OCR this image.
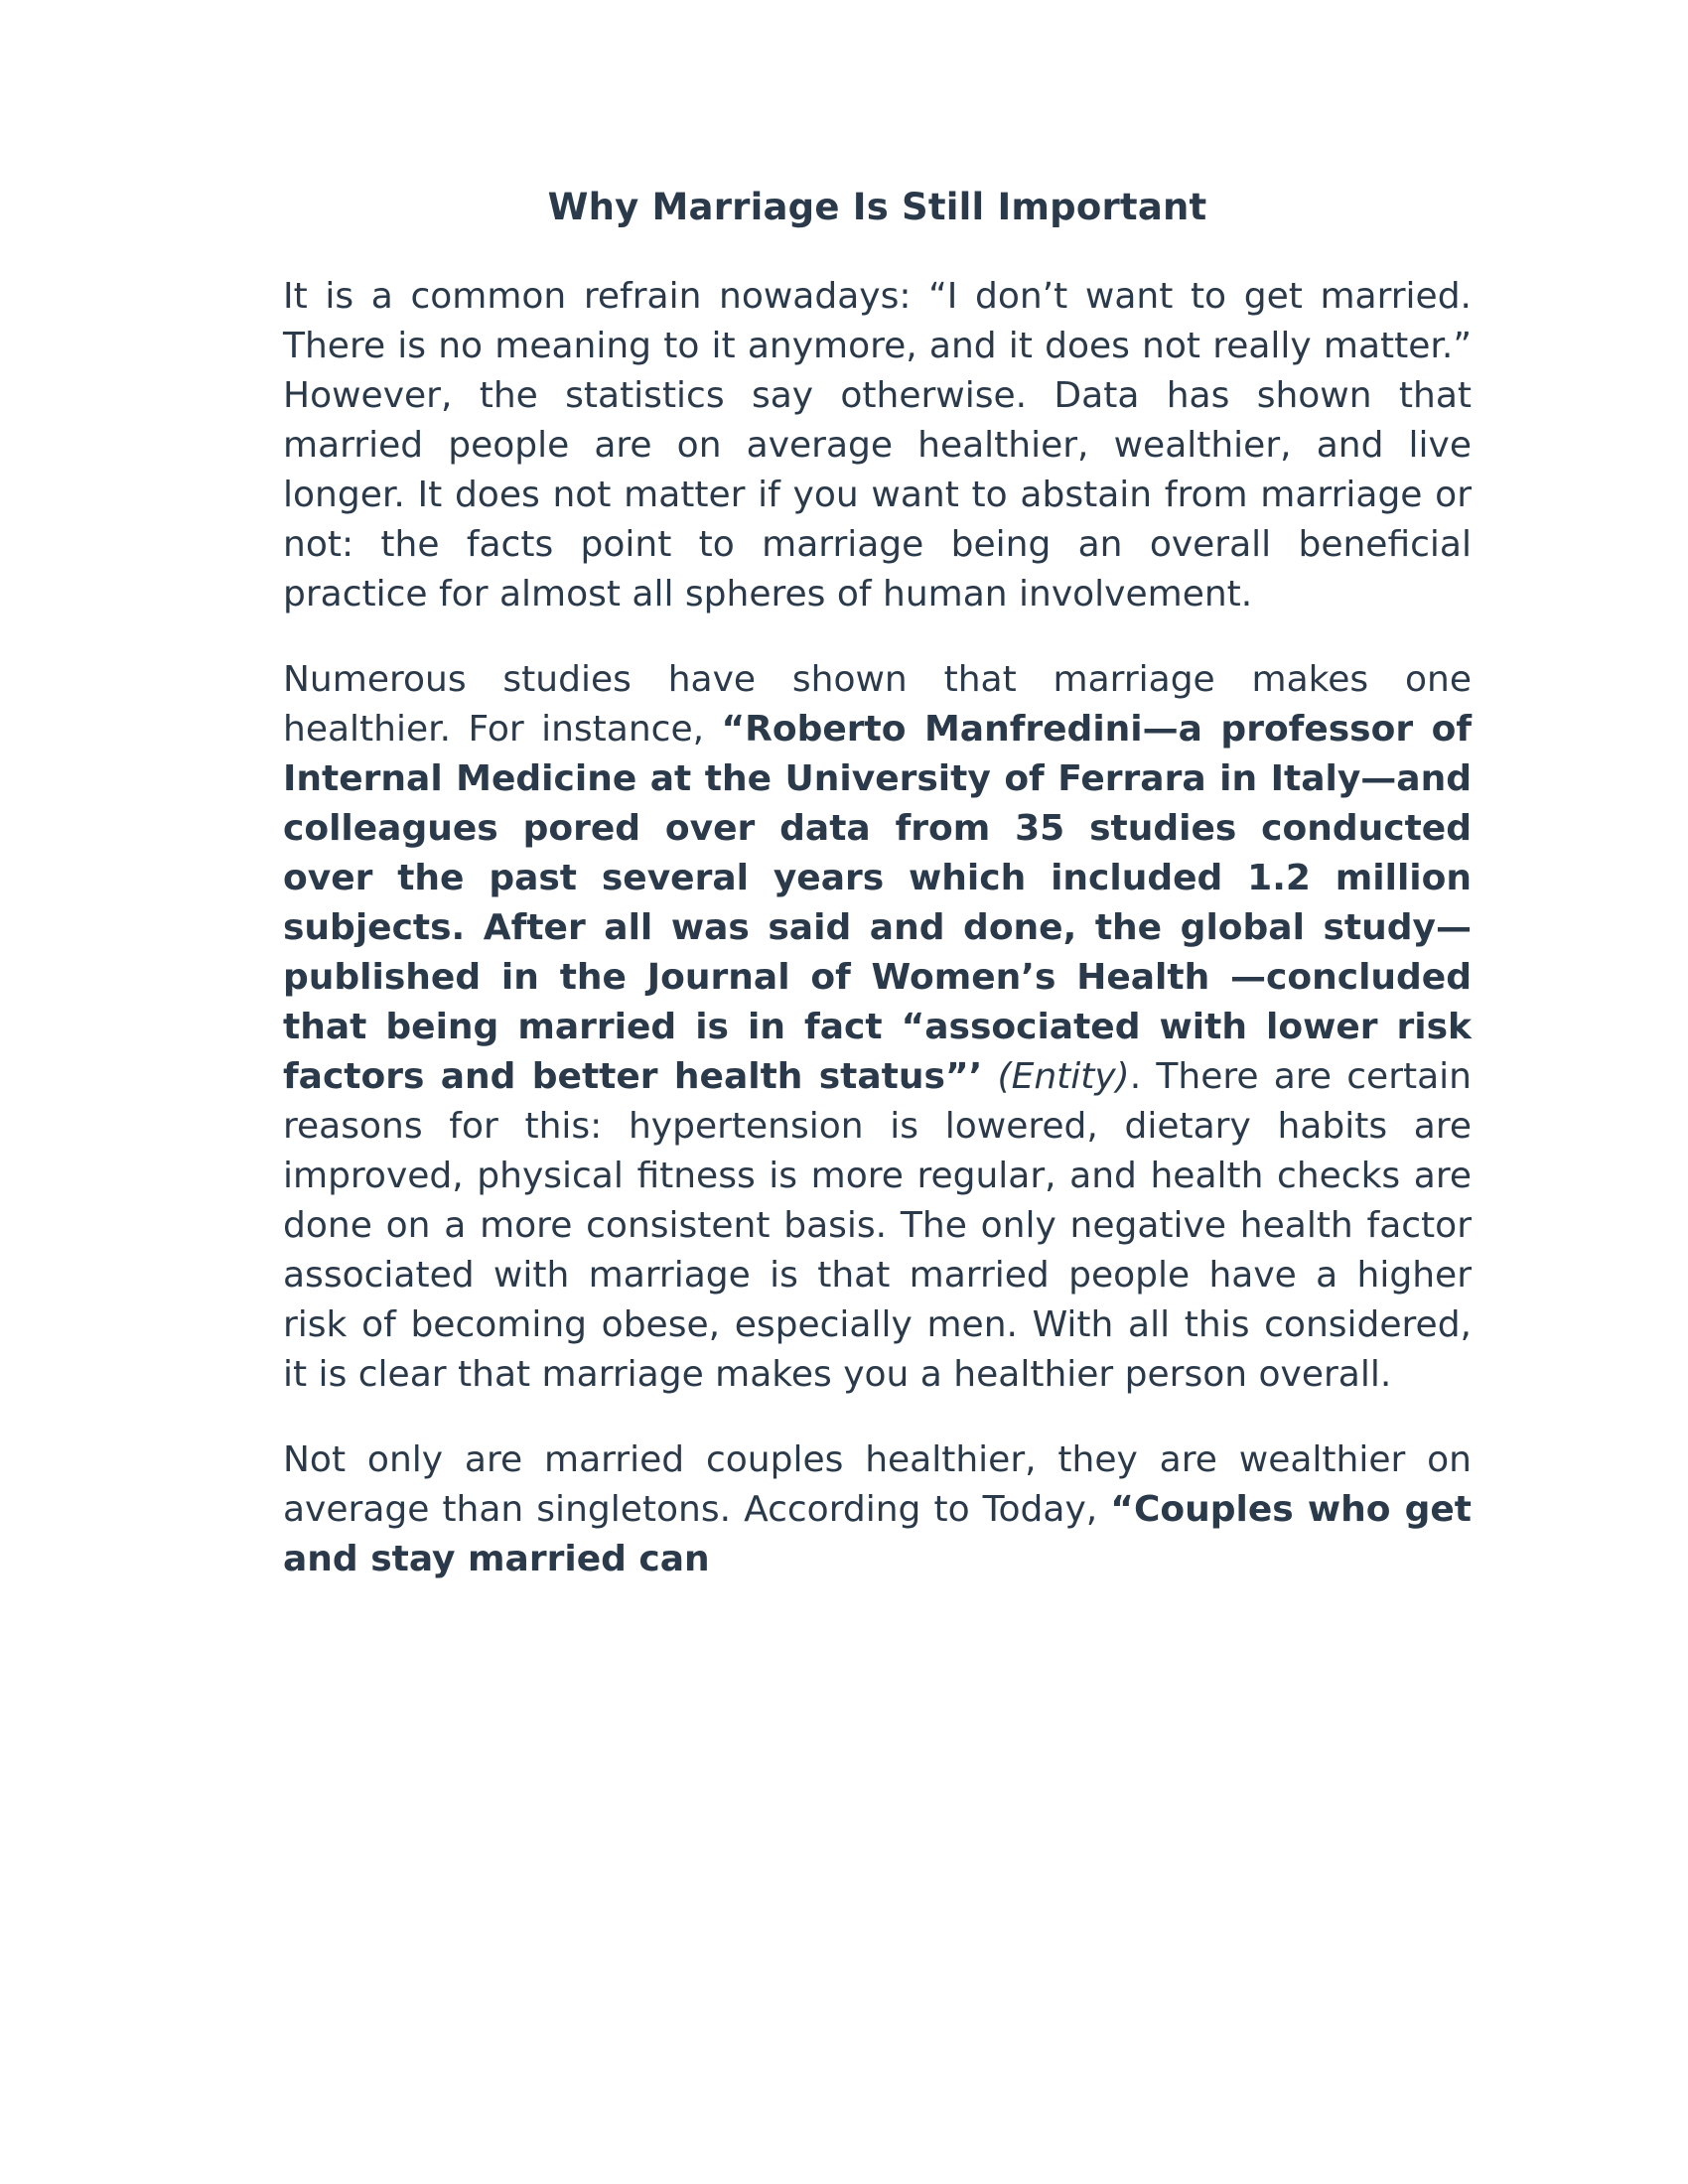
Why Marriage Is Still Important

It is a common refrain nowadays: “I don’t want to get married. There is no meaning to it anymore, and it does not really matter.” However, the statistics say otherwise. Data has shown that married people are on average healthier, wealthier, and live longer. It does not matter if you want to abstain from marriage or not: the facts point to marriage being an overall beneficial practice for almost all spheres of human involvement.

Numerous studies have shown that marriage makes one healthier. For instance, “Roberto Manfredini—a professor of Internal Medicine at the University of Ferrara in Italy—and colleagues pored over data from 35 studies conducted over the past several years which included 1.2 million subjects. After all was said and done, the global study—published in the Journal of Women’s Health —concluded that being married is in fact “associated with lower risk factors and better health status”’ (Entity). There are certain reasons for this: hypertension is lowered, dietary habits are improved, physical fitness is more regular, and health checks are done on a more consistent basis. The only negative health factor associated with marriage is that married people have a higher risk of becoming obese, especially men. With all this considered, it is clear that marriage makes you a healthier person overall.

Not only are married couples healthier, they are wealthier on average than singletons. According to Today, “Couples who get and stay married can
